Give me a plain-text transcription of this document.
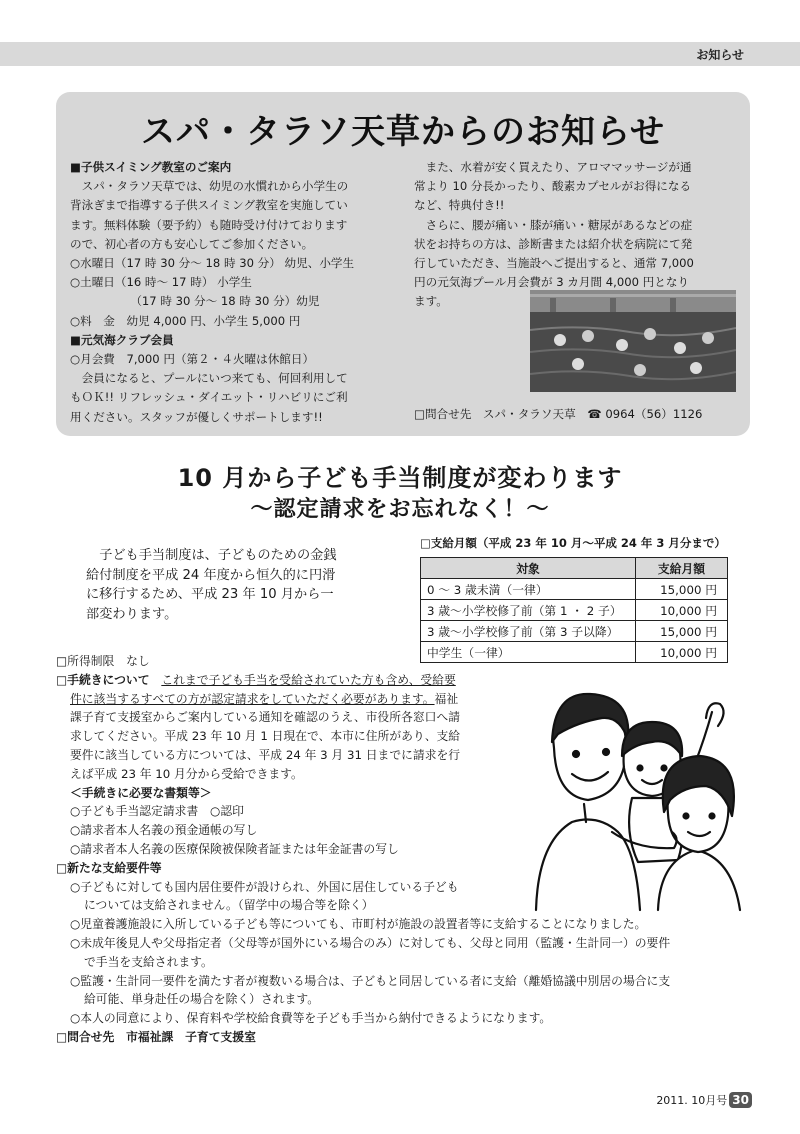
お知らせ
スパ・タラソ天草からのお知らせ

■子供スイミング教室のご案内

スパ・タラソ天草では、幼児の水慣れから小学生の

背泳ぎまで指導する子供スイミング教室を実施してい

ます。無料体験（要予約）も随時受け付けております

ので、初心者の方も安心してご参加ください。

○水曜日（17 時 30 分～ 18 時 30 分） 幼児、小学生

○土曜日（16 時～ 17 時） 小学生

（17 時 30 分～ 18 時 30 分）幼児

○料　金　幼児 4,000 円、小学生 5,000 円

■元気海クラブ会員

○月会費　7,000 円（第２・４火曜は休館日）

会員になると、プールにいつ来ても、何回利用して

もＯＫ!! リフレッシュ・ダイエット・リハビリにご利

用ください。スタッフが優しくサポートします!!

また、水着が安く買えたり、アロママッサージが通

常より 10 分長かったり、酸素カプセルがお得になる

など、特典付き!!

さらに、腰が痛い・膝が痛い・糖尿があるなどの症

状をお持ちの方は、診断書または紹介状を病院にて発

行していただき、当施設へご提出すると、通常 7,000

円の元気海プール月会費が 3 カ月間 4,000 円となり

ます。

□問合せ先　スパ・タラソ天草　☎ 0964（56）1126
10 月から子ども手当制度が変わります
～認定請求をお忘れなく！～

子ども手当制度は、子どものための金銭

給付制度を平成 24 年度から恒久的に円滑

に移行するため、平成 23 年 10 月から一

部変わります。

□支給月額（平成 23 年 10 月～平成 24 年 3 月分まで）
対象	支給月額
0 ～ 3 歳未満（一律）	15,000 円
3 歳～小学校修了前（第 1 ・ 2 子）	10,000 円
3 歳～小学校修了前（第 3 子以降）	15,000 円
中学生（一律）	10,000 円

□所得制限　なし

□手続きについて　 これまで子ども手当を受給されていた方も含め、受給要

件に該当するすべての方が認定請求をしていただく必要があります。福祉

課子育て支援室からご案内している通知を確認のうえ、市役所各窓口へ請

求してください。平成 23 年 10 月 1 日現在で、本市に住所があり、支給

要件に該当している方については、平成 24 年 3 月 31 日までに請求を行

えば平成 23 年 10 月分から受給できます。

＜手続きに必要な書類等＞

○子ども手当認定請求書　○認印

○請求者本人名義の預金通帳の写し

○請求者本人名義の医療保険被保険者証または年金証書の写し

□新たな支給要件等

○子どもに対しても国内居住要件が設けられ、外国に居住している子ども

については支給されません。（留学中の場合等を除く）

○児童養護施設に入所している子ども等についても、市町村が施設の設置者等に支給することになりました。

○未成年後見人や父母指定者（父母等が国外にいる場合のみ）に対しても、父母と同用（監護・生計同一）の要件

で手当を支給されます。

○監護・生計同一要件を満たす者が複数いる場合は、子どもと同居している者に支給（離婚協議中別居の場合に支

給可能、単身赴任の場合を除く）されます。

○本人の同意により、保育料や学校給食費等を子ども手当から納付できるようになります。

□問合せ先　市福祉課　子育て支援室

2011. 10月号 30
